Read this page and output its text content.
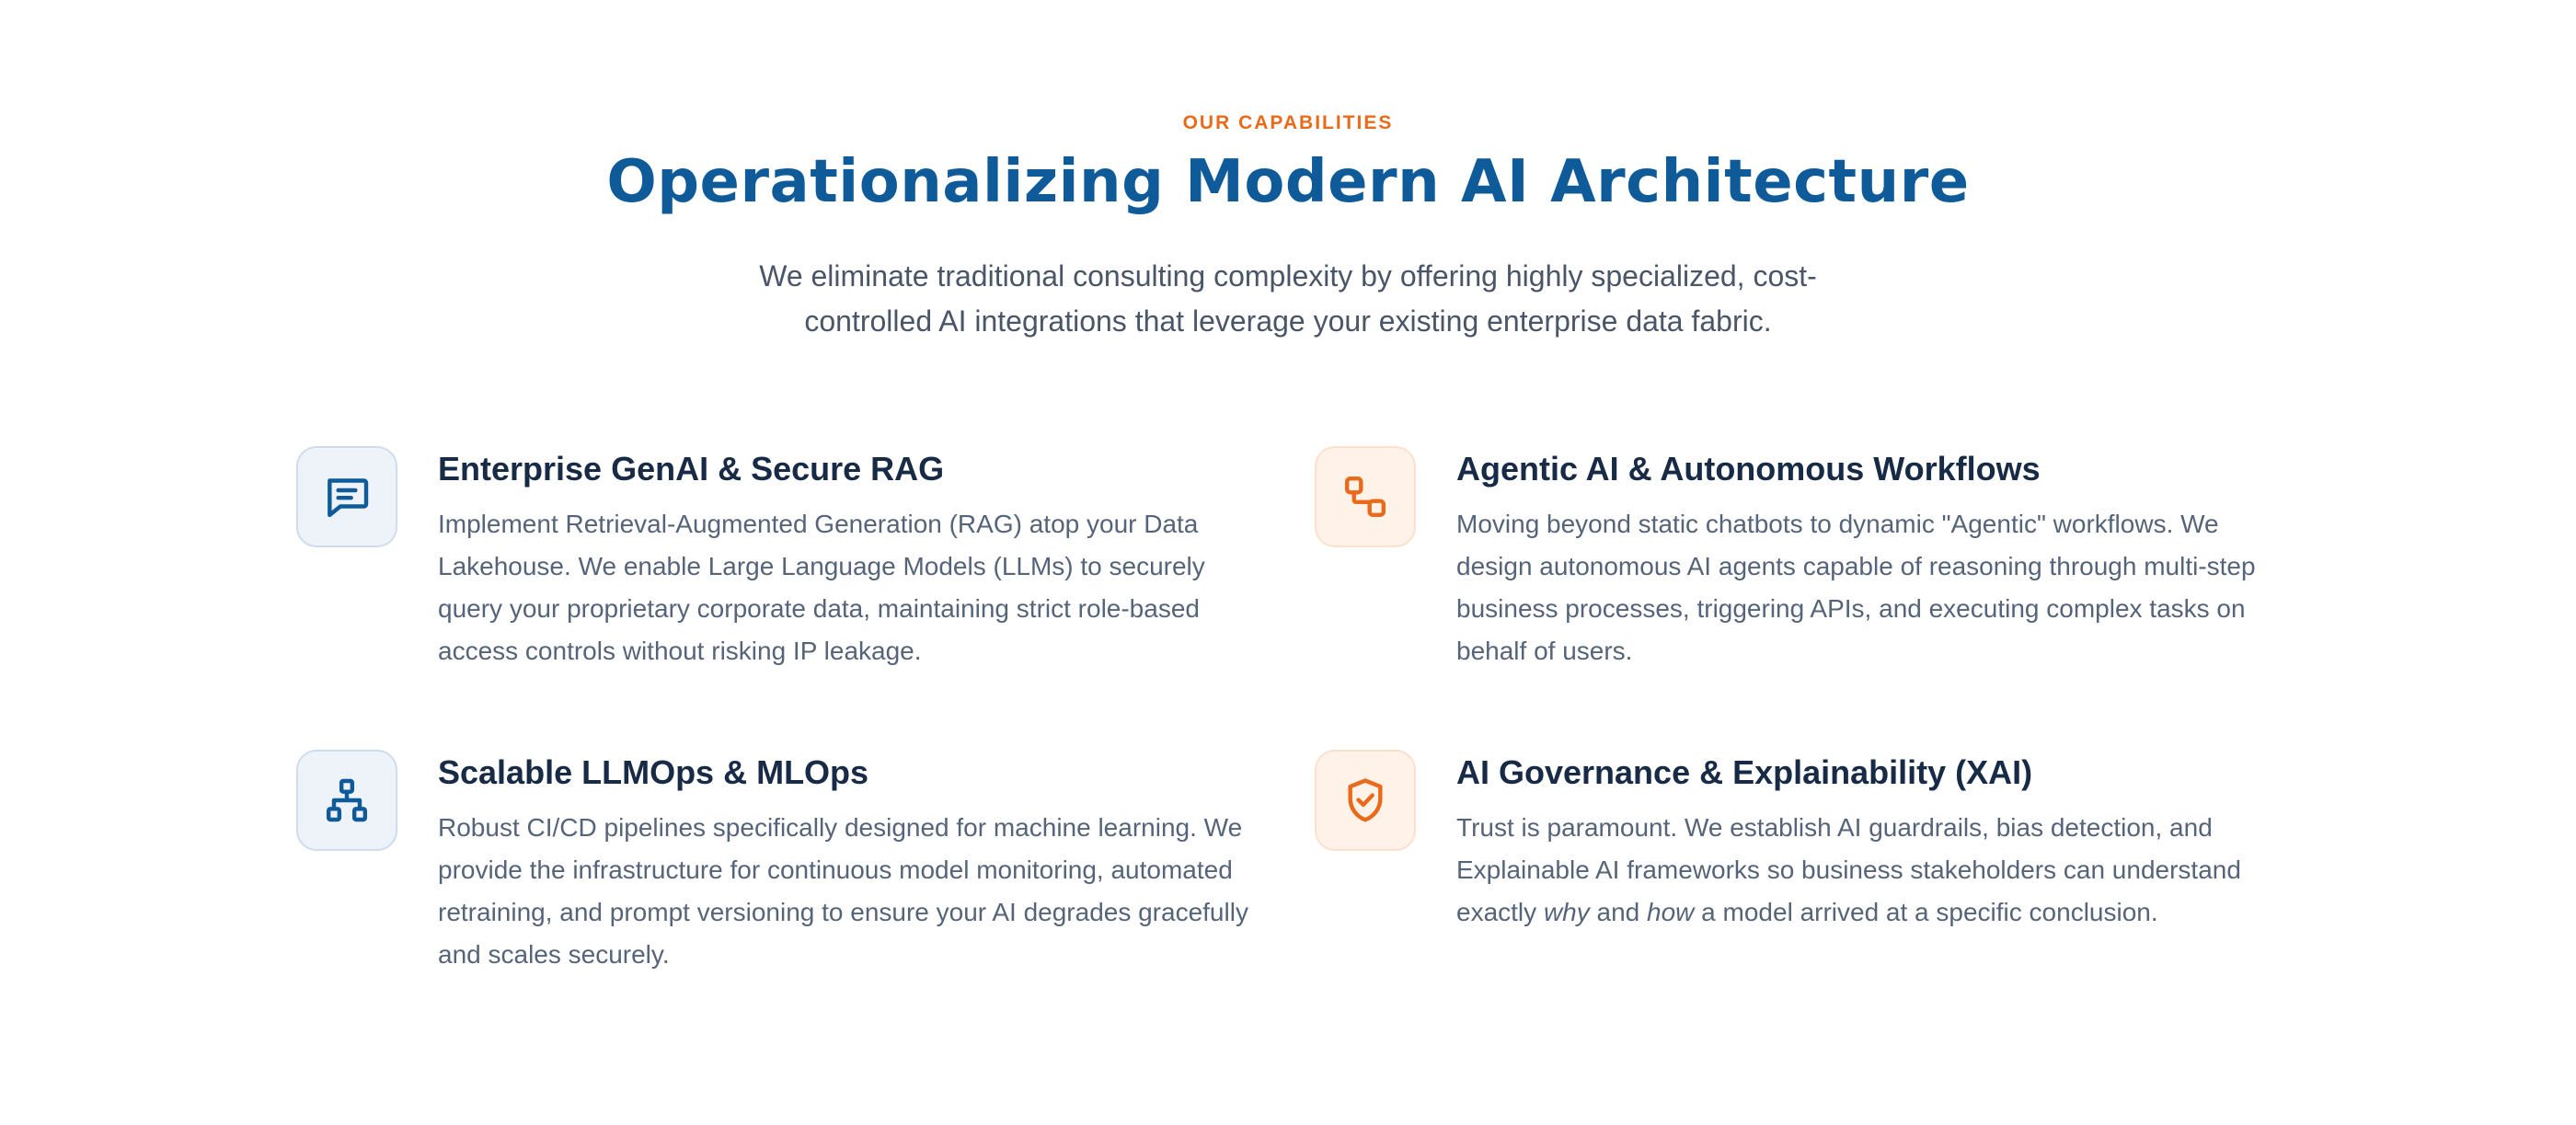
OUR CAPABILITIES
Operationalizing Modern AI Architecture

We eliminate traditional consulting complexity by offering highly specialized, cost-controlled AI integrations that leverage your existing enterprise data fabric.

Enterprise GenAI & Secure RAG

Implement Retrieval-Augmented Generation (RAG) atop your Data Lakehouse. We enable Large Language Models (LLMs) to securely query your proprietary corporate data, maintaining strict role-based access controls without risking IP leakage.

Agentic AI & Autonomous Workflows

Moving beyond static chatbots to dynamic "Agentic" workflows. We design autonomous AI agents capable of reasoning through multi-step business processes, triggering APIs, and executing complex tasks on behalf of users.

Scalable LLMOps & MLOps

Robust CI/CD pipelines specifically designed for machine learning. We provide the infrastructure for continuous model monitoring, automated retraining, and prompt versioning to ensure your AI degrades gracefully and scales securely.

AI Governance & Explainability (XAI)

Trust is paramount. We establish AI guardrails, bias detection, and Explainable AI frameworks so business stakeholders can understand exactly why and how a model arrived at a specific conclusion.
